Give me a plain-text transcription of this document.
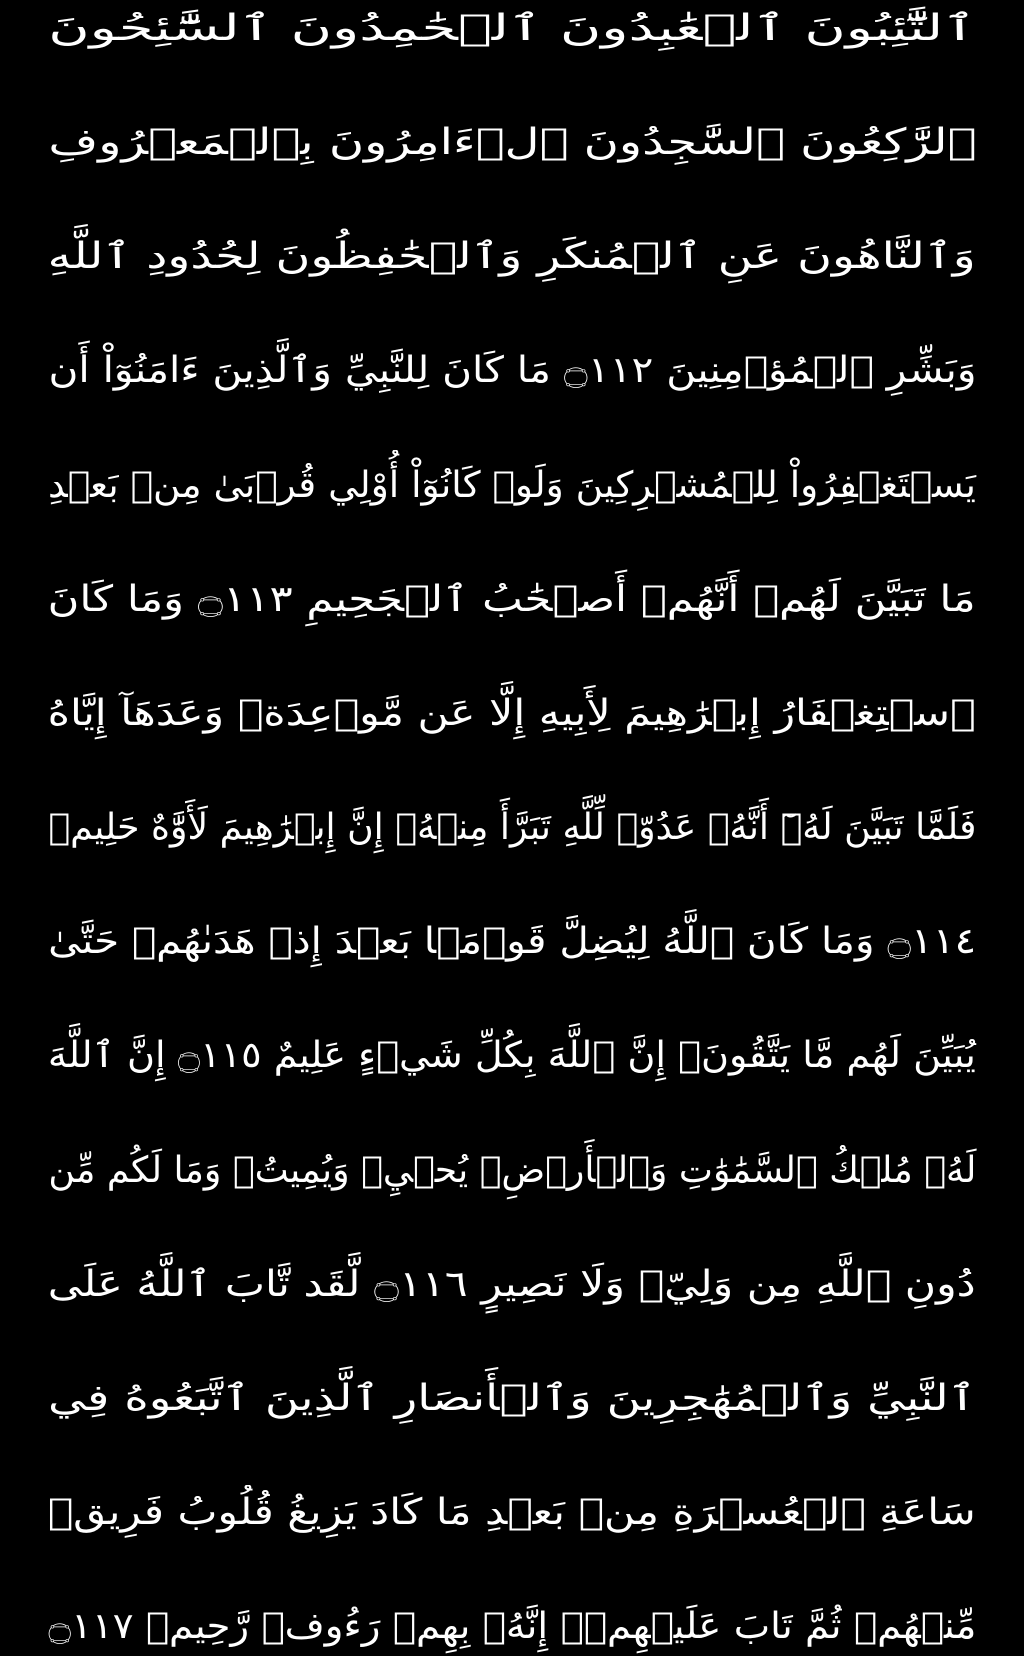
ٱلتَّٰٓئِبُونَ ٱلۡعَٰبِدُونَ ٱلۡحَٰمِدُونَ ٱلسَّٰٓئِحُونَ
ٱلرَّٰكِعُونَ ٱلسَّٰجِدُونَ ٱلۡءَامِرُونَ بِٱلۡمَعۡرُوفِ
وَٱلنَّاهُونَ عَنِ ٱلۡمُنكَرِ وَٱلۡحَٰفِظُونَ لِحُدُودِ ٱللَّهِ
وَبَشِّرِ ٱلۡمُؤۡمِنِينَ ۝١١٢ مَا كَانَ لِلنَّبِيِّ وَٱلَّذِينَ ءَامَنُوٓاْ أَن
يَسۡتَغۡفِرُواْ لِلۡمُشۡرِكِينَ وَلَوۡ كَانُوٓاْ أُوْلِي قُرۡبَىٰ مِنۢ بَعۡدِ
مَا تَبَيَّنَ لَهُمۡ أَنَّهُمۡ أَصۡحَٰبُ ٱلۡجَحِيمِ ۝١١٣ وَمَا كَانَ
ٱسۡتِغۡفَارُ إِبۡرَٰهِيمَ لِأَبِيهِ إِلَّا عَن مَّوۡعِدَةٖ وَعَدَهَآ إِيَّاهُ
فَلَمَّا تَبَيَّنَ لَهُۥٓ أَنَّهُۥ عَدُوّٞ لِّلَّهِ تَبَرَّأَ مِنۡهُۚ إِنَّ إِبۡرَٰهِيمَ لَأَوَّٰهٌ حَلِيمٞ
۝١١٤ وَمَا كَانَ ٱللَّهُ لِيُضِلَّ قَوۡمَۢا بَعۡدَ إِذۡ هَدَىٰهُمۡ حَتَّىٰ
يُبَيِّنَ لَهُم مَّا يَتَّقُونَۚ إِنَّ ٱللَّهَ بِكُلِّ شَيۡءٍ عَلِيمٌ ۝١١٥ إِنَّ ٱللَّهَ
لَهُۥ مُلۡكُ ٱلسَّمَٰوَٰتِ وَٱلۡأَرۡضِۖ يُحۡيِۦ وَيُمِيتُۚ وَمَا لَكُم مِّن
دُونِ ٱللَّهِ مِن وَلِيّٖ وَلَا نَصِيرٍ ۝١١٦ لَّقَد تَّابَ ٱللَّهُ عَلَى
ٱلنَّبِيِّ وَٱلۡمُهَٰجِرِينَ وَٱلۡأَنصَارِ ٱلَّذِينَ ٱتَّبَعُوهُ فِي
سَاعَةِ ٱلۡعُسۡرَةِ مِنۢ بَعۡدِ مَا كَادَ يَزِيغُ قُلُوبُ فَرِيقٖ
مِّنۡهُمۡ ثُمَّ تَابَ عَلَيۡهِمۡۚ إِنَّهُۥ بِهِمۡ رَءُوفٞ رَّحِيمٞ ۝١١٧
